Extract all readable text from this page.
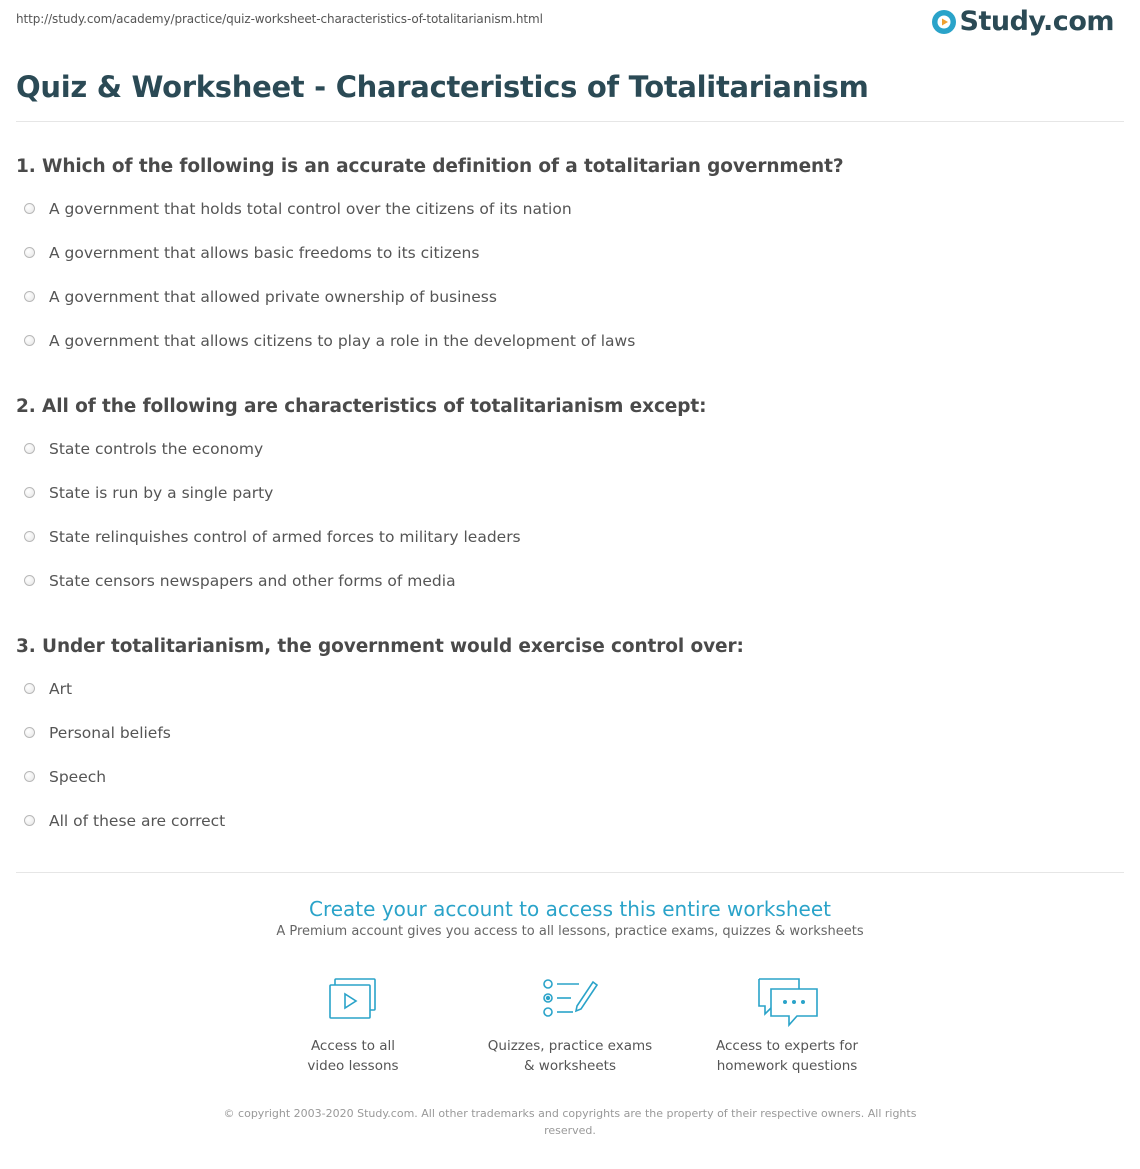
http://study.com/academy/practice/quiz-worksheet-characteristics-of-totalitarianism.html	Study.com
Quiz & Worksheet - Characteristics of Totalitarianism
1. Which of the following is an accurate definition of a totalitarian government?
A government that holds total control over the citizens of its nation
A government that allows basic freedoms to its citizens
A government that allowed private ownership of business
A government that allows citizens to play a role in the development of laws
2. All of the following are characteristics of totalitarianism except:
State controls the economy
State is run by a single party
State relinquishes control of armed forces to military leaders
State censors newspapers and other forms of media
3. Under totalitarianism, the government would exercise control over:
Art
Personal beliefs
Speech
All of these are correct
Create your account to access this entire worksheet

A Premium account gives you access to all lessons, practice exams, quizzes & worksheets

Access to all
video lessons
Quizzes, practice exams
& worksheets
Access to experts for
homework questions
© copyright 2003-2020 Study.com. All other trademarks and copyrights are the property of their respective owners. All rights reserved.
